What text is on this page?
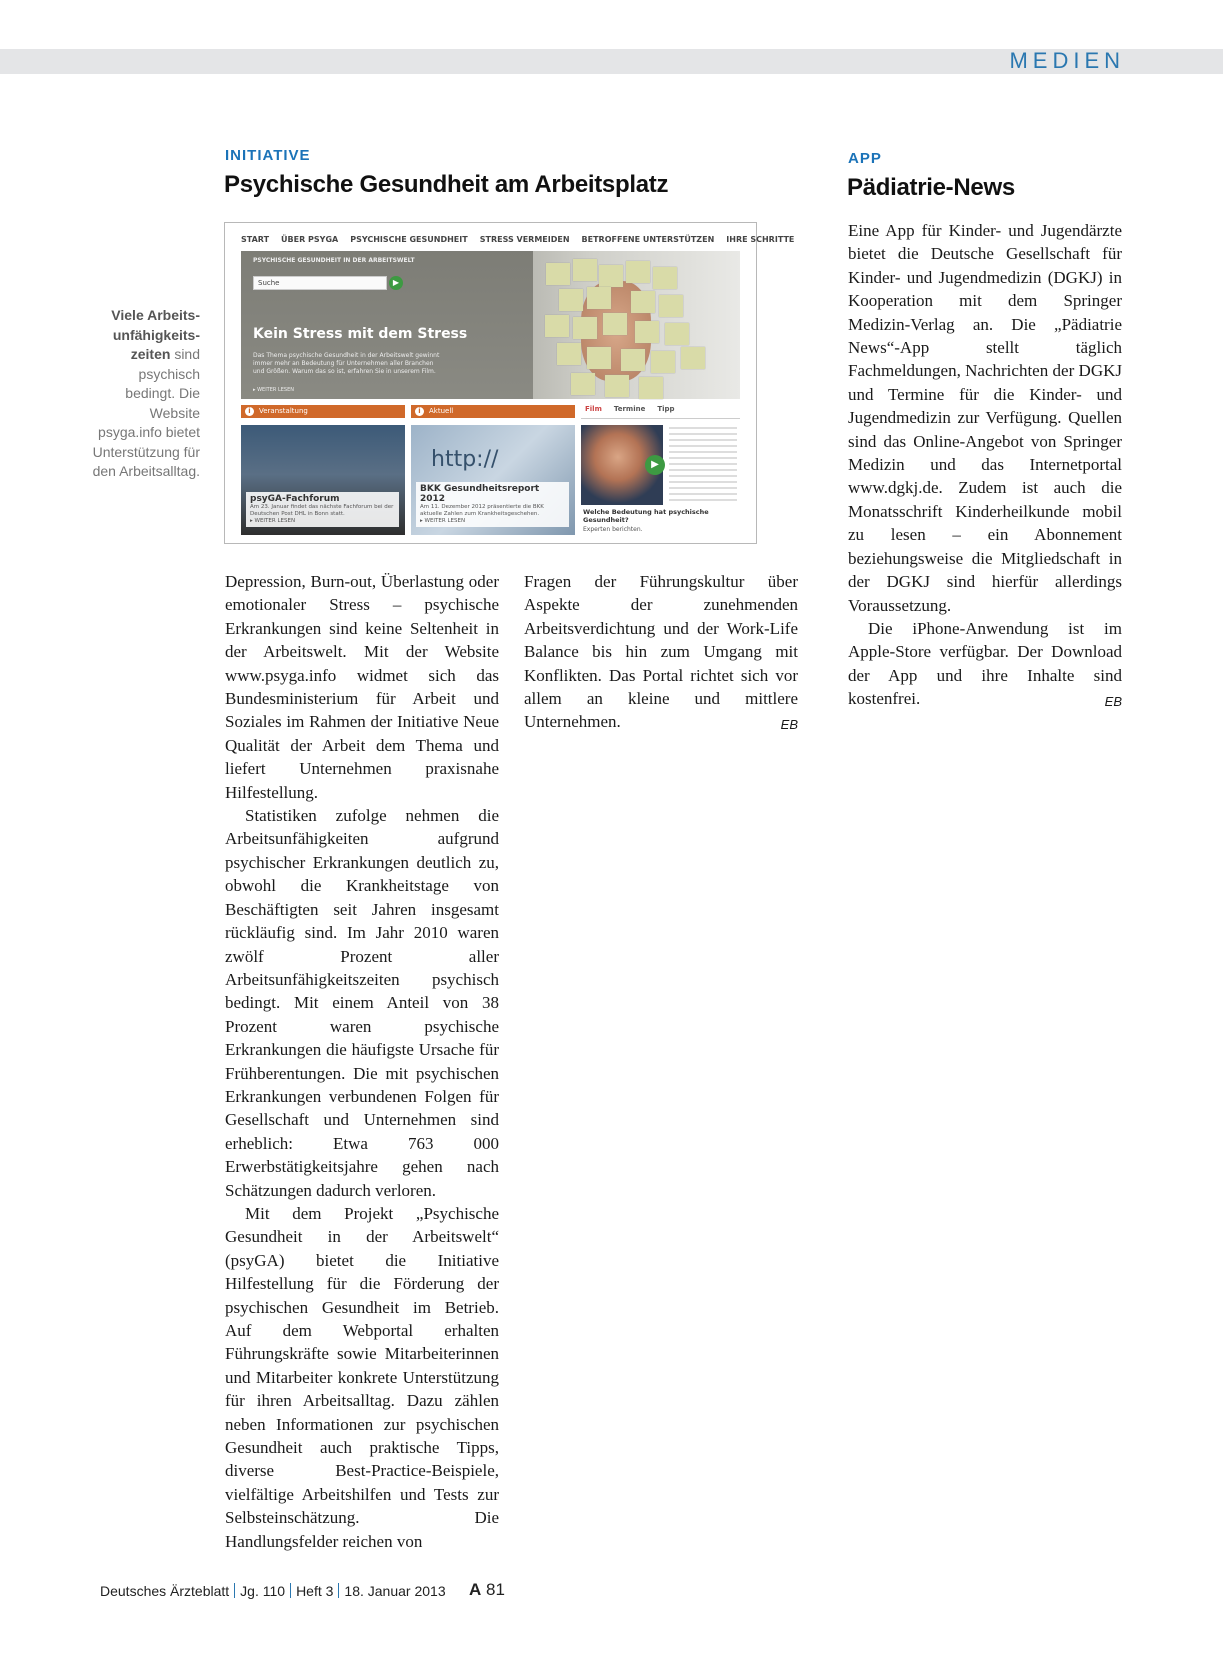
MEDIEN
INITIATIVE
Psychische Gesundheit am Arbeitsplatz
Viele Arbeits-unfähigkeits-zeiten sind psychisch bedingt. Die Website psyga.info bietet Unterstützung für den Arbeitsalltag.
START ÜBER PSYGA PSYCHISCHE GESUNDHEIT STRESS VERMEIDEN BETROFFENE UNTERSTÜTZEN IHRE SCHRITTE
PSYCHISCHE GESUNDHEIT IN DER ARBEITSWELT
Suche	▶
Kein Stress mit dem Stress
Das Thema psychische Gesundheit in der Arbeitswelt gewinnt immer mehr an Bedeutung für Unternehmen aller Branchen und Größen. Warum das so ist, erfahren Sie in unserem Film.
▸ WEITER LESEN
i	Veranstaltung
psyGA-Fachforum
Am 23. Januar findet das nächste Fachforum bei der Deutschen Post DHL in Bonn statt.
▸ WEITER LESEN
i	Aktuell
http://
BKK Gesundheitsreport 2012
Am 11. Dezember 2012 präsentierte die BKK aktuelle Zahlen zum Krankheitsgeschehen.
▸ WEITER LESEN
Film Termine Tipp
▶
Welche Bedeutung hat psychische Gesundheit?
Experten berichten.

Depression, Burn-out, Überlastung oder emotionaler Stress – psychische Erkrankungen sind keine Seltenheit in der Arbeitswelt. Mit der Website www.psyga.info widmet sich das Bundesministerium für Arbeit und Soziales im Rahmen der Initiative Neue Qualität der Arbeit dem Thema und liefert Unternehmen praxisnahe Hilfestellung.

Statistiken zufolge nehmen die Arbeitsunfähigkeiten aufgrund psychischer Erkrankungen deutlich zu, obwohl die Krankheitstage von Beschäftigten seit Jahren insgesamt rückläufig sind. Im Jahr 2010 waren zwölf Prozent aller Arbeitsunfähigkeitszeiten psychisch bedingt. Mit einem Anteil von 38 Prozent waren psychische Erkrankungen die häufigste Ursache für Frühberentungen. Die mit psychischen Erkrankungen verbundenen Folgen für Gesellschaft und Unternehmen sind erheblich: Etwa 763 000 Erwerbstätigkeitsjahre gehen nach Schätzungen dadurch verloren.

Mit dem Projekt „Psychische Gesundheit in der Arbeitswelt“ (psyGA) bietet die Initiative Hilfestellung für die Förderung der psychischen Gesundheit im Betrieb. Auf dem Webportal erhalten Führungskräfte sowie Mitarbeiterinnen und Mitarbeiter konkrete Unterstützung für ihren Arbeitsalltag. Dazu zählen neben Informationen zur psychischen Gesundheit auch praktische Tipps, diverse Best-Practice-Beispiele, vielfältige Arbeitshilfen und Tests zur Selbsteinschätzung. Die Handlungsfelder reichen von

Fragen der Führungskultur über Aspekte der zunehmenden Arbeitsverdichtung und der Work-Life Balance bis hin zum Umgang mit Konflikten. Das Portal richtet sich vor allem an kleine und mittlere Unternehmen.	EB

APP
Pädiatrie-News

Eine App für Kinder- und Jugendärzte bietet die Deutsche Gesellschaft für Kinder- und Jugendmedizin (DGKJ) in Kooperation mit dem Springer Medizin-Verlag an. Die „Pädiatrie News“-App stellt täglich Fachmeldungen, Nachrichten der DGKJ und Termine für die Kinder- und Jugendmedizin zur Verfügung. Quellen sind das Online-Angebot von Springer Medizin und das Internetportal www.dgkj.de. Zudem ist auch die Monatsschrift Kinderheilkunde mobil zu lesen – ein Abonnement beziehungsweise die Mitgliedschaft in der DGKJ sind hierfür allerdings Voraussetzung.

Die iPhone-Anwendung ist im Apple-Store verfügbar. Der Download der App und ihre Inhalte sind kostenfrei.	EB

Deutsches Ärzteblatt Jg. 110 Heft 3 18. Januar 2013 A 81
